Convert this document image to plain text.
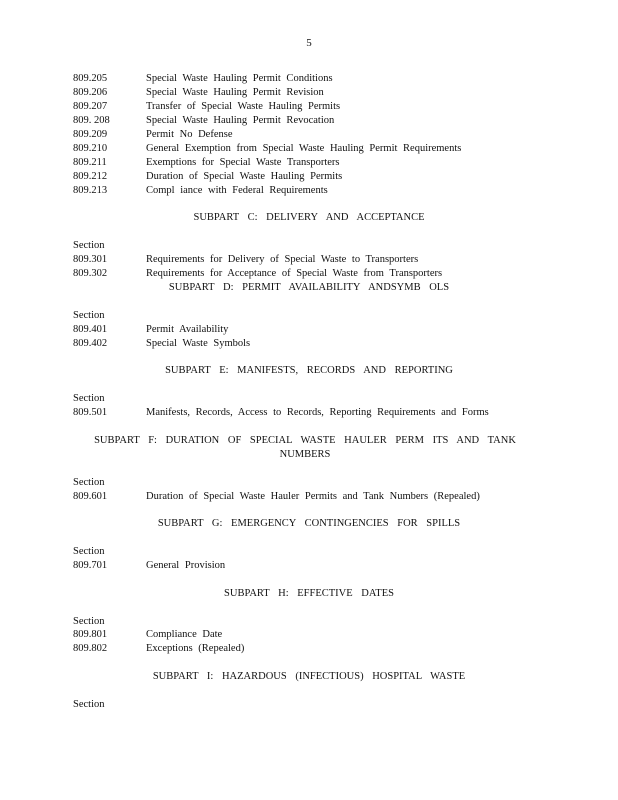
5
809.205	Special Waste Hauling Permit Conditions
809.206	Special Waste Hauling Permit Revision
809.207	Transfer of Special Waste Hauling Permits
809. 208	Special Waste Hauling Permit Revocation
809.209	Permit No Defense
809.210	General Exemption from Special Waste Hauling Permit Requirements
809.211	Exemptions for Special Waste Transporters
809.212	Duration of Special Waste Hauling Permits
809.213	Compl iance with Federal Requirements
SUBPART C: DELIVERY AND ACCEPTANCE
Section
809.301	Requirements for Delivery of Special Waste to Transporters
809.302	Requirements for Acceptance of Special Waste from Transporters
SUBPART D: PERMIT AVAILABILITY ANDSYMB OLS
Section
809.401	Permit Availability
809.402	Special Waste Symbols
SUBPART E: MANIFESTS, RECORDS AND REPORTING
Section
809.501	Manifests, Records, Access to Records, Reporting Requirements and Forms
SUBPART F: DURATION OF SPECIAL WASTE HAULER PERM ITS AND TANK NUMBERS
Section
809.601	Duration of Special Waste Hauler Permits and Tank Numbers (Repealed)
SUBPART G: EMERGENCY CONTINGENCIES FOR SPILLS
Section
809.701	General Provision
SUBPART H: EFFECTIVE DATES
Section
809.801	Compliance Date
809.802	Exceptions (Repealed)
SUBPART I: HAZARDOUS (INFECTIOUS) HOSPITAL WASTE
Section
